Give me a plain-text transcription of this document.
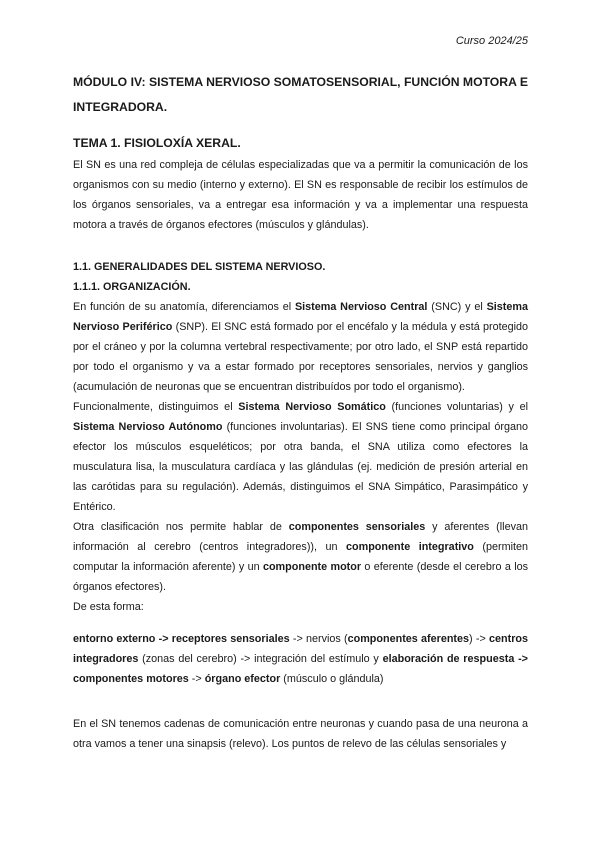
Curso 2024/25
MÓDULO IV: SISTEMA NERVIOSO SOMATOSENSORIAL, FUNCIÓN MOTORA E INTEGRADORA.
TEMA 1. FISIOLOXÍA XERAL.

El SN es una red compleja de células especializadas que va a permitir la comunicación de los organismos con su medio (interno y externo). El SN es responsable de recibir los estímulos de los órganos sensoriales, va a entregar esa información y va a implementar una respuesta motora a través de órganos efectores (músculos y glándulas).

1.1. GENERALIDADES DEL SISTEMA NERVIOSO.

1.1.1. ORGANIZACIÓN.

En función de su anatomía, diferenciamos el Sistema Nervioso Central (SNC) y el Sistema Nervioso Periférico (SNP). El SNC está formado por el encéfalo y la médula y está protegido por el cráneo y por la columna vertebral respectivamente; por otro lado, el SNP está repartido por todo el organismo y va a estar formado por receptores sensoriales, nervios y ganglios (acumulación de neuronas que se encuentran distribuídos por todo el organismo).

Funcionalmente, distinguimos el Sistema Nervioso Somático (funciones voluntarias) y el Sistema Nervioso Autónomo (funciones involuntarias). El SNS tiene como principal órgano efector los músculos esqueléticos; por otra banda, el SNA utiliza como efectores la musculatura lisa, la musculatura cardíaca y las glándulas (ej. medición de presión arterial en las carótidas para su regulación). Además, distinguimos el SNA Simpático, Parasimpático y Entérico.

Otra clasificación nos permite hablar de componentes sensoriales y aferentes (llevan información al cerebro (centros integradores)), un componente integrativo (permiten computar la información aferente) y un componente motor o eferente (desde el cerebro a los órganos efectores).

De esta forma:

entorno externo -> receptores sensoriales -> nervios (componentes aferentes) -> centros integradores (zonas del cerebro) -> integración del estímulo y elaboración de respuesta -> componentes motores -> órgano efector (músculo o glándula)

En el SN tenemos cadenas de comunicación entre neuronas y cuando pasa de una neurona a otra vamos a tener una sinapsis (relevo). Los puntos de relevo de las células sensoriales y
